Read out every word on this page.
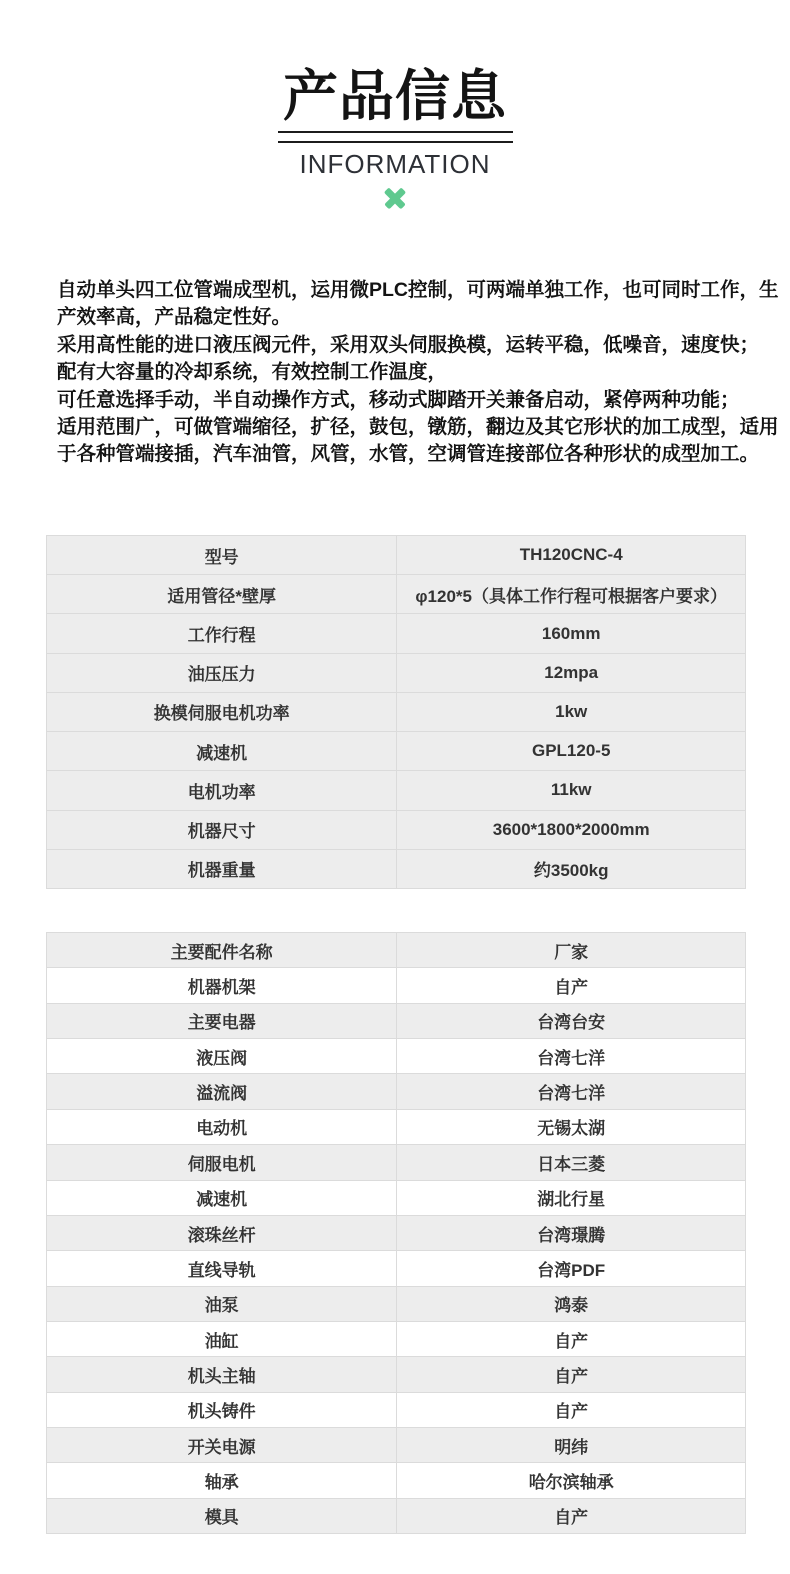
产品信息
INFORMATION
自动单头四工位管端成型机，运用微PLC控制，可两端单独工作，也可同时工作，生
产效率高，产品稳定性好。
采用高性能的进口液压阀元件，采用双头伺服换模，运转平稳，低噪音，速度快；
配有大容量的冷却系统，有效控制工作温度，
可任意选择手动，半自动操作方式，移动式脚踏开关兼备启动，紧停两种功能；
适用范围广，可做管端缩径，扩径，鼓包，镦筋，翻边及其它形状的加工成型，适用
于各种管端接插，汽车油管，风管，水管，空调管连接部位各种形状的成型加工。
型号	TH120CNC-4
适用管径*壁厚	φ120*5（具体工作行程可根据客户要求）
工作行程	160mm
油压压力	12mpa
换模伺服电机功率	1kw
减速机	GPL120-5
电机功率	11kw
机器尺寸	3600*1800*2000mm
机器重量	约3500kg
主要配件名称	厂家
机器机架	自产
主要电器	台湾台安
液压阀	台湾七洋
溢流阀	台湾七洋
电动机	无锡太湖
伺服电机	日本三菱
减速机	湖北行星
滚珠丝杆	台湾璟腾
直线导轨	台湾PDF
油泵	鸿泰
油缸	自产
机头主轴	自产
机头铸件	自产
开关电源	明纬
轴承	哈尔滨轴承
模具	自产
